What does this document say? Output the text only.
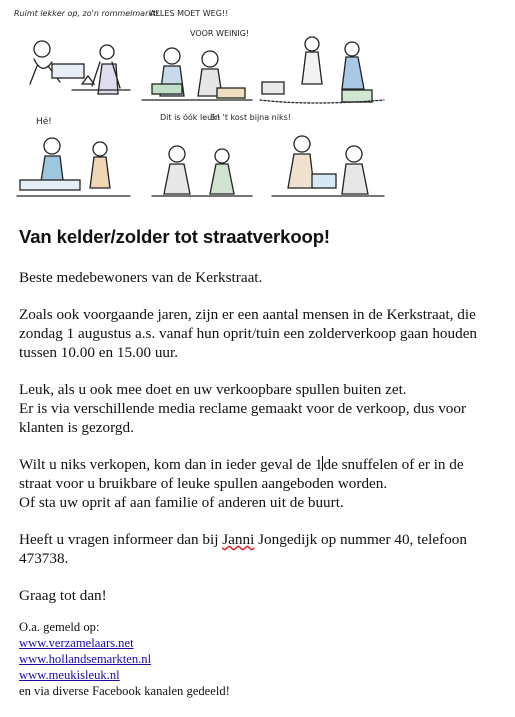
Ruimt lekker op, zo'n rommelmarkt!
ALLES MOET WEG!!
VOOR WEINIG!
Hé!	Dit is óók leuk!
En 't kost bijna niks!
Van kelder/zolder tot straatverkoop!

Beste medebewoners van de Kerkstraat.

Zoals ook voorgaande jaren, zijn er een aantal mensen in de Kerkstraat, die
zondag 1 augustus a.s. vanaf hun oprit/tuin een zolderverkoop gaan houden
tussen 10.00 en 15.00 uur.

Leuk, als u ook mee doet en uw verkoopbare spullen buiten zet.
Er is via verschillende media reclame gemaakt voor de verkoop, dus voor
klanten is gezorgd.

Wilt u niks verkopen, kom dan in ieder geval de 1de snuffelen of er in de
straat voor u bruikbare of leuke spullen aangeboden worden.
Of sta uw oprit af aan familie of anderen uit de buurt.

Heeft u vragen informeer dan bij Janni Jongedijk op nummer 40, telefoon
473738.

Graag tot dan!

O.a. gemeld op:

www.verzamelaars.net
www.hollandsemarkten.nl
www.meukisleuk.nl

en via diverse Facebook kanalen gedeeld!
